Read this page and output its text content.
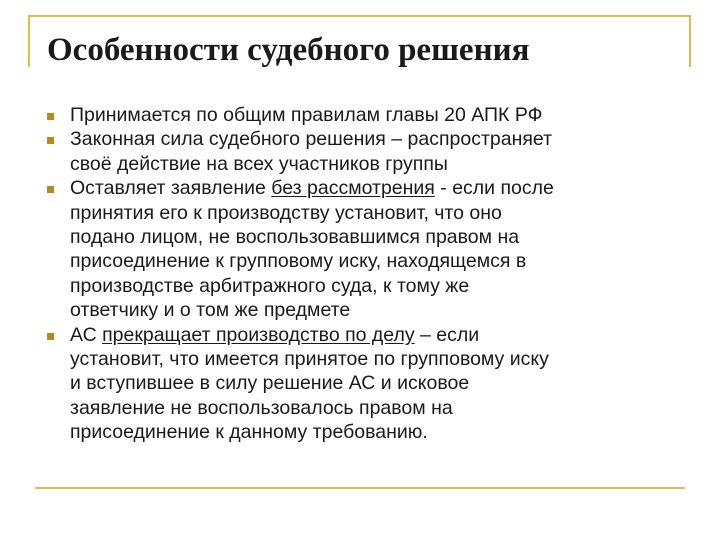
Особенности судебного решения
Принимается по общим правилам главы 20 АПК РФ
Законная сила судебного решения – распространяет
своё действие на всех участников группы
Оставляет заявление без рассмотрения - если после
принятия его к производству установит, что оно
подано лицом, не воспользовавшимся правом на
присоединение к групповому иску, находящемся в
производстве арбитражного суда, к тому же
ответчику и о том же предмете
АС прекращает производство по делу – если
установит, что имеется принятое по групповому иску
и вступившее в силу решение АС и исковое
заявление не воспользовалось правом на
присоединение к данному требованию.
